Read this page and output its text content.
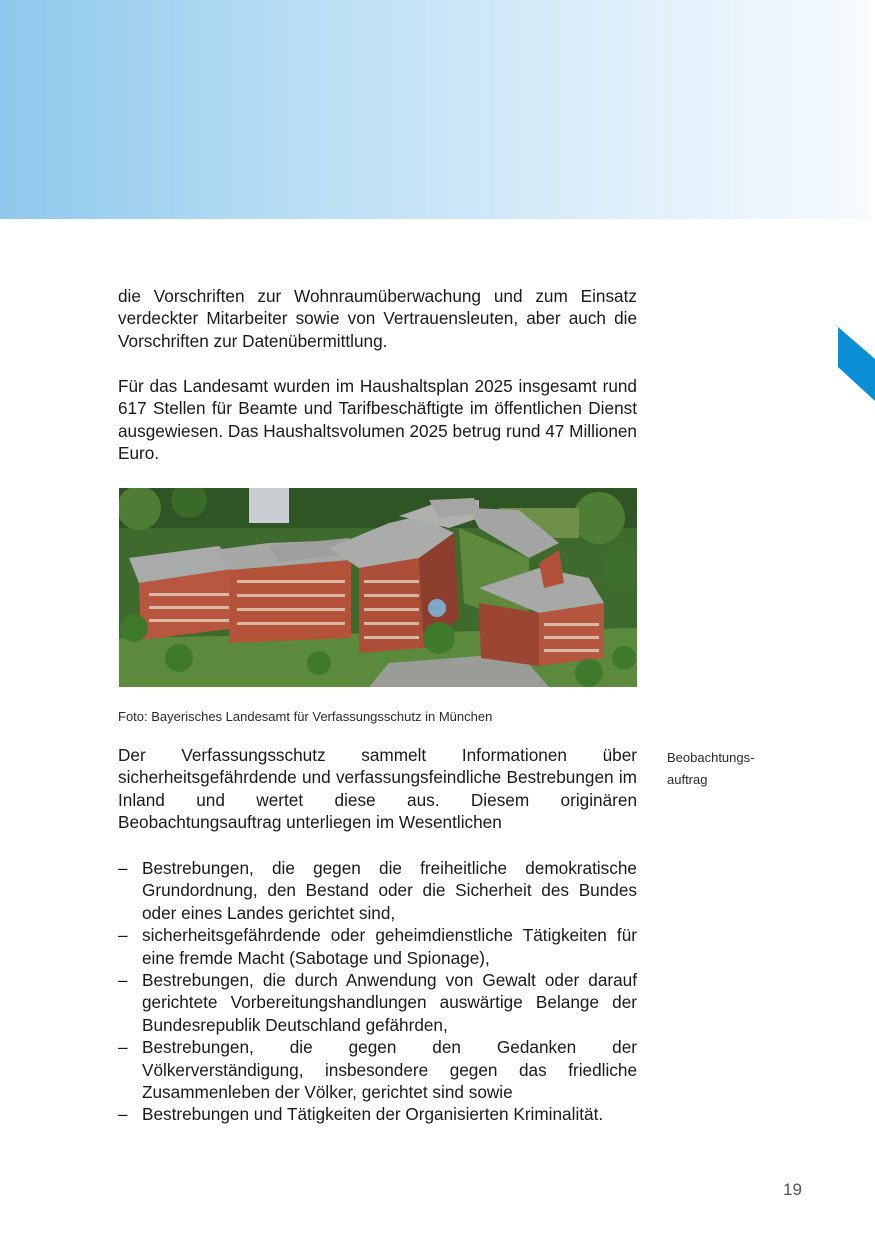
die Vorschriften zur Wohnraumüberwachung und zum Einsatz verdeckter Mitarbeiter sowie von Vertrauensleuten, aber auch die Vorschriften zur Datenübermittlung.

Für das Landesamt wurden im Haushaltsplan 2025 insgesamt rund 617 Stellen für Beamte und Tarifbeschäftigte im öffentlichen Dienst ausgewiesen. Das Haushaltsvolumen 2025 betrug rund 47 Millionen Euro.

Foto: Bayerisches Landesamt für Verfassungsschutz in München
Beobachtungs-
auftrag

Der Verfassungsschutz sammelt Informationen über sicherheitsgefährdende und verfassungsfeindliche Bestrebungen im Inland und wertet diese aus. Diesem originären Beobachtungsauftrag unterliegen im Wesentlichen

– Bestrebungen, die gegen die freiheitliche demokratische Grundordnung, den Bestand oder die Sicherheit des Bundes oder eines Landes gerichtet sind,
– sicherheitsgefährdende oder geheimdienstliche Tätigkeiten für eine fremde Macht (Sabotage und Spionage),
– Bestrebungen, die durch Anwendung von Gewalt oder darauf gerichtete Vorbereitungshandlungen auswärtige Belange der Bundesrepublik Deutschland gefährden,
– Bestrebungen, die gegen den Gedanken der Völkerverständigung, insbesondere gegen das friedliche Zusammenleben der Völker, gerichtet sind sowie
– Bestrebungen und Tätigkeiten der Organisierten Kriminalität.
19
